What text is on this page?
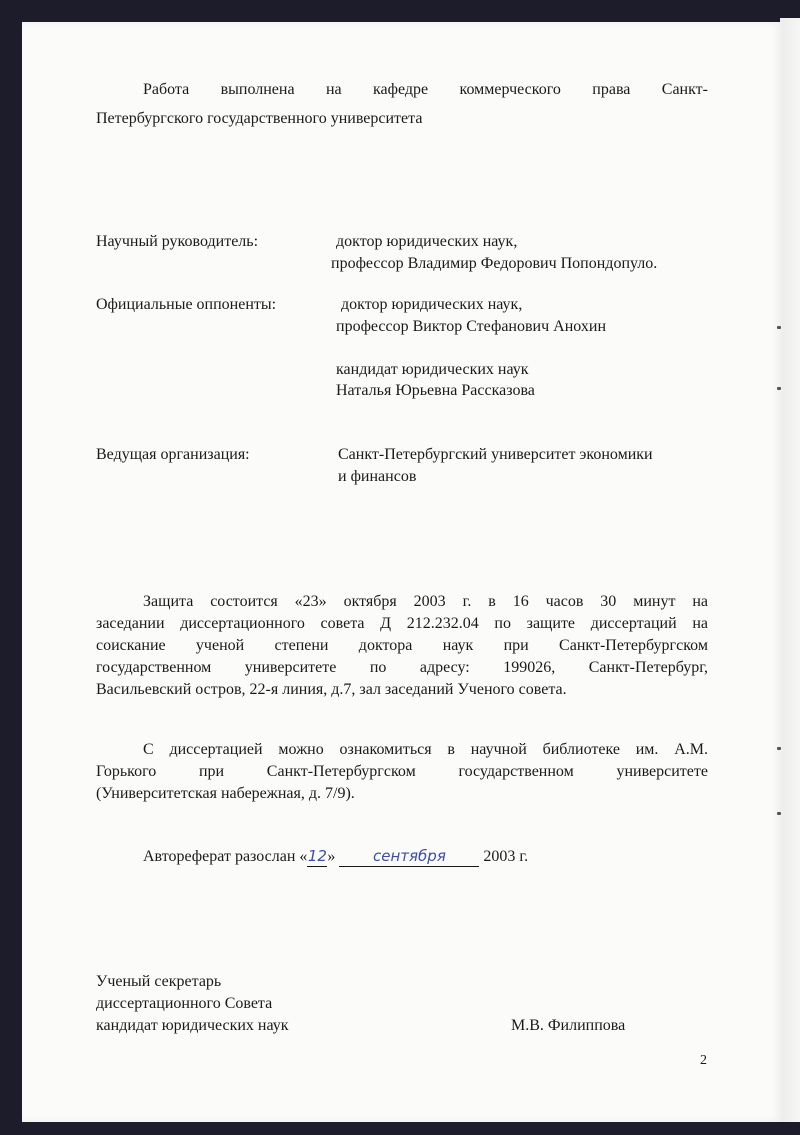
Работа выполнена на кафедре коммерческого права Санкт-
Петербургского государственного университета
Научный руководитель:	доктор юридических наук,
профессор Владимир Федорович Попондопуло.
Официальные оппоненты:	доктор юридических наук,
профессор Виктор Стефанович Анохин
кандидат юридических наук
Наталья Юрьевна Рассказова
Ведущая организация:	Санкт-Петербургский университет экономики
и финансов
Защита состоится «23» октября 2003 г. в 16 часов 30 минут на
заседании диссертационного совета Д 212.232.04 по защите диссертаций на
соискание ученой степени доктора наук при Санкт-Петербургском
государственном университете по адресу: 199026, Санкт-Петербург,
Васильевский остров, 22-я линия, д.7, зал заседаний Ученого совета.
С диссертацией можно ознакомиться в научной библиотеке им. А.М.
Горького при Санкт-Петербургском государственном университете
(Университетская набережная, д. 7/9).
Автореферат разослан «12»	сентября 2003 г.
Ученый секретарь
диссертационного Совета
кандидат юридических наук	М.В. Филиппова
2
